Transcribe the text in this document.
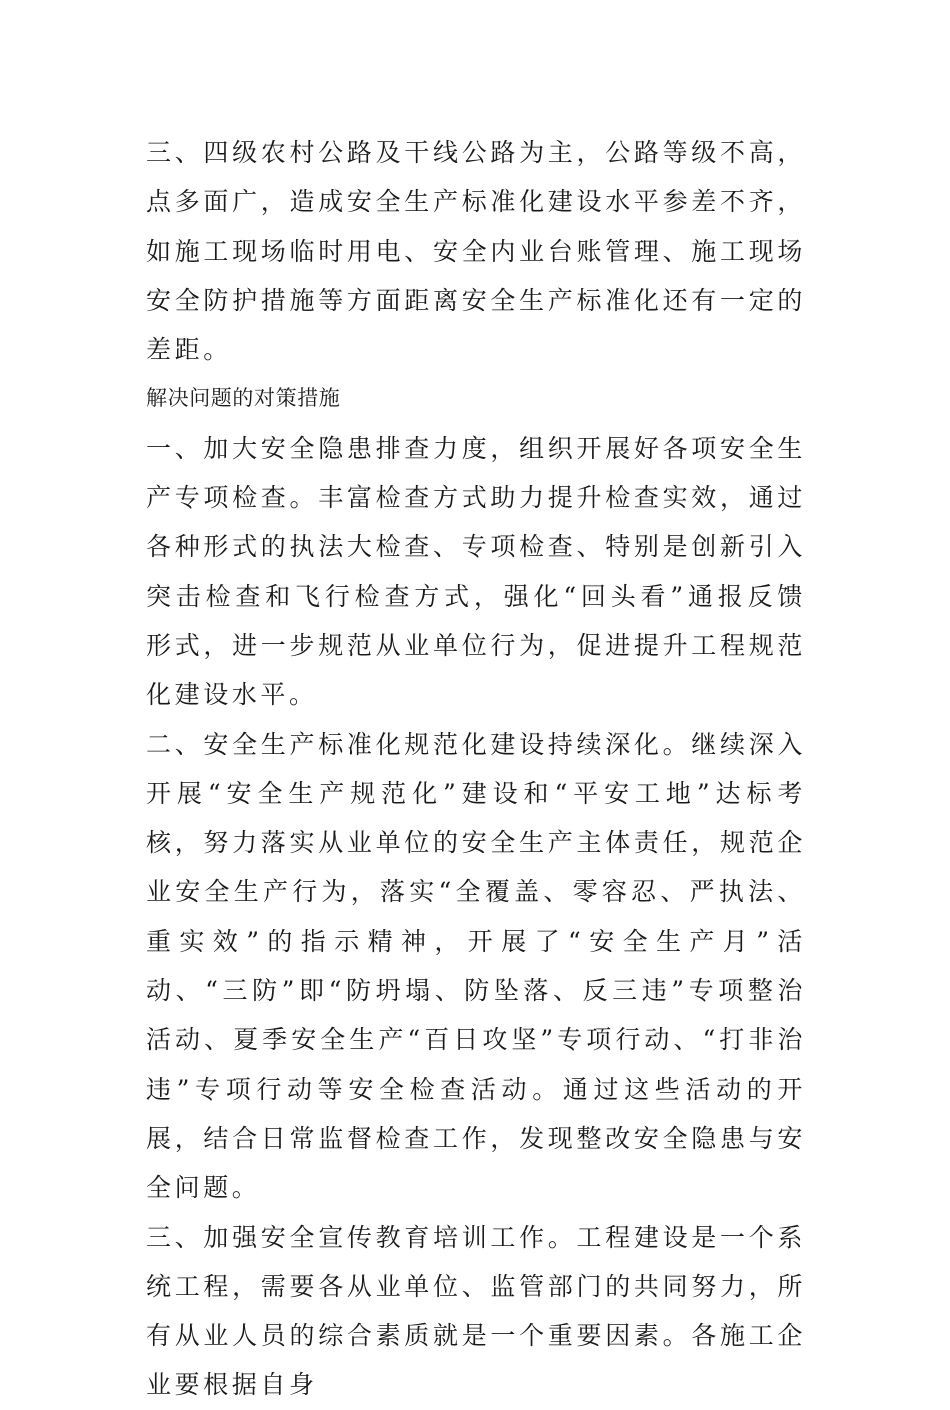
三、四级农村公路及干线公路为主，公路等级不高，点多面广，造成安全生产标准化建设水平参差不齐，如施工现场临时用电、安全内业台账管理、施工现场安全防护措施等方面距离安全生产标准化还有一定的差距。

解决问题的对策措施

一、加大安全隐患排查力度，组织开展好各项安全生产专项检查。丰富检查方式助力提升检查实效，通过各种形式的执法大检查、专项检查、特别是创新引入突击检查和飞行检查方式，强化“回头看”通报反馈形式，进一步规范从业单位行为，促进提升工程规范化建设水平。

二、安全生产标准化规范化建设持续深化。继续深入开展“安全生产规范化”建设和“平安工地”达标考核，努力落实从业单位的安全生产主体责任，规范企业安全生产行为，落实“全覆盖、零容忍、严执法、重实效”的指示精神，开展了“安全生产月”活动、“三防”即“防坍塌、防坠落、反三违”专项整治活动、夏季安全生产“百日攻坚”专项行动、“打非治违”专项行动等安全检查活动。通过这些活动的开展，结合日常监督检查工作，发现整改安全隐患与安全问题。

三、加强安全宣传教育培训工作。工程建设是一个系统工程，需要各从业单位、监管部门的共同努力，所有从业人员的综合素质就是一个重要因素。各施工企业要根据自身
